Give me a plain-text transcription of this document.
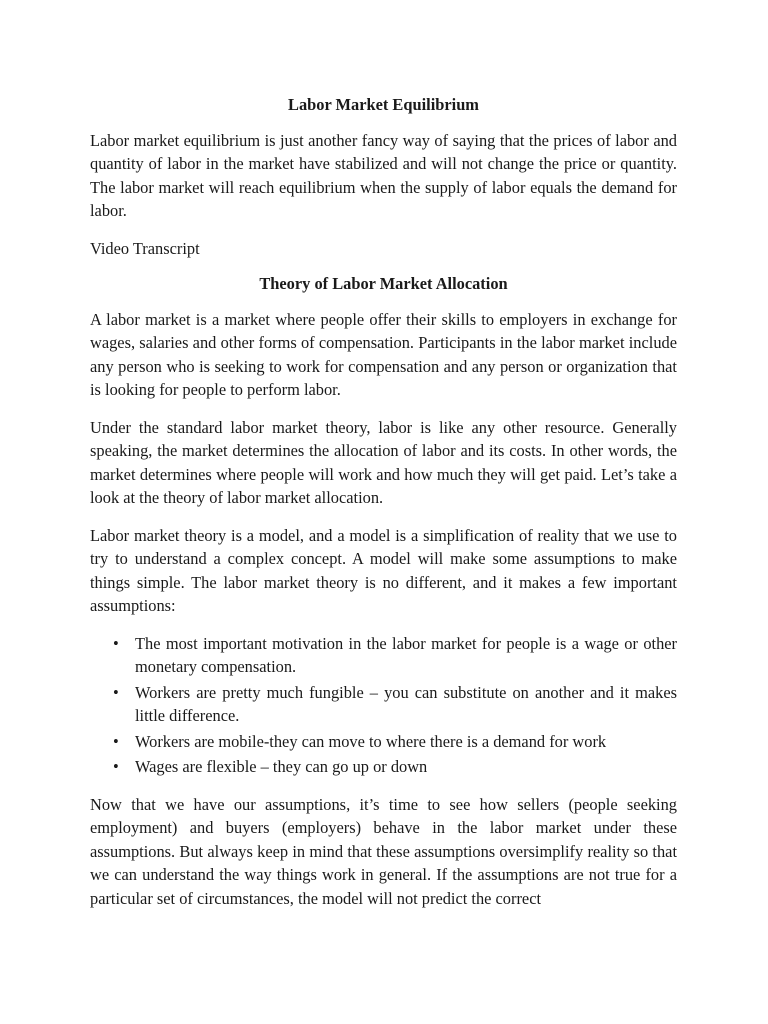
Labor Market Equilibrium
Labor market equilibrium is just another fancy way of saying that the prices of labor and quantity of labor in the market have stabilized and will not change the price or quantity. The labor market will reach equilibrium when the supply of labor equals the demand for labor.
Video Transcript
Theory of Labor Market Allocation
A labor market is a market where people offer their skills to employers in exchange for wages, salaries and other forms of compensation. Participants in the labor market include any person who is seeking to work for compensation and any person or organization that is looking for people to perform labor.
Under the standard labor market theory, labor is like any other resource. Generally speaking, the market determines the allocation of labor and its costs. In other words, the market determines where people will work and how much they will get paid. Let’s take a look at the theory of labor market allocation.
Labor market theory is a model, and a model is a simplification of reality that we use to try to understand a complex concept. A model will make some assumptions to make things simple. The labor market theory is no different, and it makes a few important assumptions:
• The most important motivation in the labor market for people is a wage or other monetary compensation.
• Workers are pretty much fungible – you can substitute on another and it makes little difference.
• Workers are mobile-they can move to where there is a demand for work
• Wages are flexible – they can go up or down
Now that we have our assumptions, it’s time to see how sellers (people seeking employment) and buyers (employers) behave in the labor market under these assumptions. But always keep in mind that these assumptions oversimplify reality so that we can understand the way things work in general. If the assumptions are not true for a particular set of circumstances, the model will not predict the correct
